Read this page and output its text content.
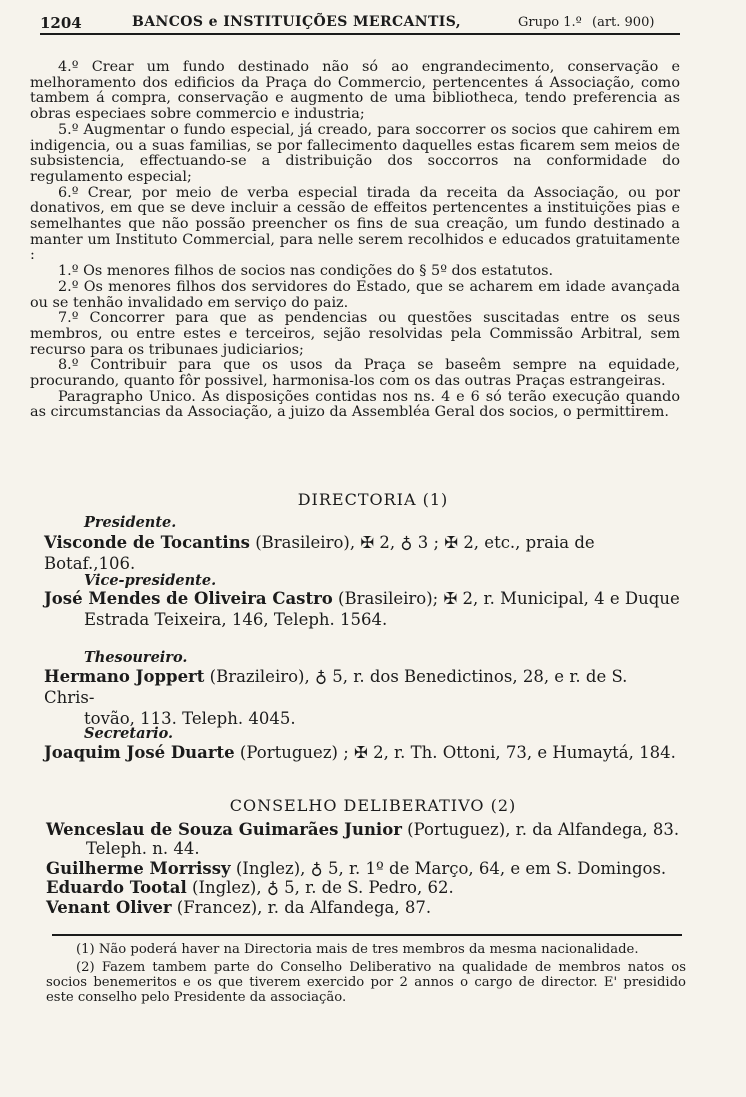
1204	BANCOS e INSTITUIÇÕES MERCANTIS,	Grupo 1.º (art. 900)

4.º Crear um fundo destinado não só ao engrandecimento, conservação e melhoramento dos edificios da Praça do Commercio, pertencentes á Associação, como tambem á compra, conservação e augmento de uma bibliotheca, tendo preferencia as obras especiaes sobre commercio e industria;

5.º Augmentar o fundo especial, já creado, para soccorrer os socios que cahirem em indigencia, ou a suas familias, se por fallecimento daquelles estas ficarem sem meios de subsistencia, effectuando-se a distribuição dos soccorros na conformidade do regulamento especial;

6.º Crear, por meio de verba especial tirada da receita da Associação, ou por donativos, em que se deve incluir a cessão de effeitos pertencentes a instituições pias e semelhantes que não possão preencher os fins de sua creação, um fundo destinado a manter um Instituto Commercial, para nelle serem recolhidos e educados gratuitamente :

1.º Os menores filhos de socios nas condições do § 5º dos estatutos.

2.º Os menores filhos dos servidores do Estado, que se acharem em idade avançada ou se tenhão invalidado em serviço do paiz.

7.º Concorrer para que as pendencias ou questões suscitadas entre os seus membros, ou entre estes e terceiros, sejão resolvidas pela Commissão Arbitral, sem recurso para os tribunaes judiciarios;

8.º Contribuir para que os usos da Praça se baseêm sempre na equidade, procurando, quanto fôr possivel, harmonisa-los com os das outras Praças estrangeiras.

Paragrapho Unico. As disposições contidas nos ns. 4 e 6 só terão execução quando as circumstancias da Associação, a juizo da Assembléa Geral dos socios, o permittirem.

DIRECTORIA (1)
Presidente.
Visconde de Tocantins (Brasileiro), ✠ 2, ♁ 3 ; ✠ 2, etc., praia de Botaf.,106.
Vice-presidente.
José Mendes de Oliveira Castro (Brasileiro); ✠ 2, r. Municipal, 4 e Duque
Estrada Teixeira, 146, Teleph. 1564.
Thesoureiro.
Hermano Joppert (Brazileiro), ♁ 5, r. dos Benedictinos, 28, e r. de S. Chris-
tovão, 113. Teleph. 4045.
Secretario.
Joaquim José Duarte (Portuguez) ; ✠ 2, r. Th. Ottoni, 73, e Humaytá, 184.
CONSELHO DELIBERATIVO (2)
Wenceslau de Souza Guimarães Junior (Portuguez), r. da Alfandega, 83.
Teleph. n. 44.
Guilherme Morrissy (Inglez), ♁ 5, r. 1º de Março, 64, e em S. Domingos.
Eduardo Tootal (Inglez), ♁ 5, r. de S. Pedro, 62.
Venant Oliver (Francez), r. da Alfandega, 87.

(1) Não poderá haver na Directoria mais de tres membros da mesma nacionalidade.

(2) Fazem tambem parte do Conselho Deliberativo na qualidade de membros natos os socios benemeritos e os que tiverem exercido por 2 annos o cargo de director. E' presidido este conselho pelo Presidente da associação.
